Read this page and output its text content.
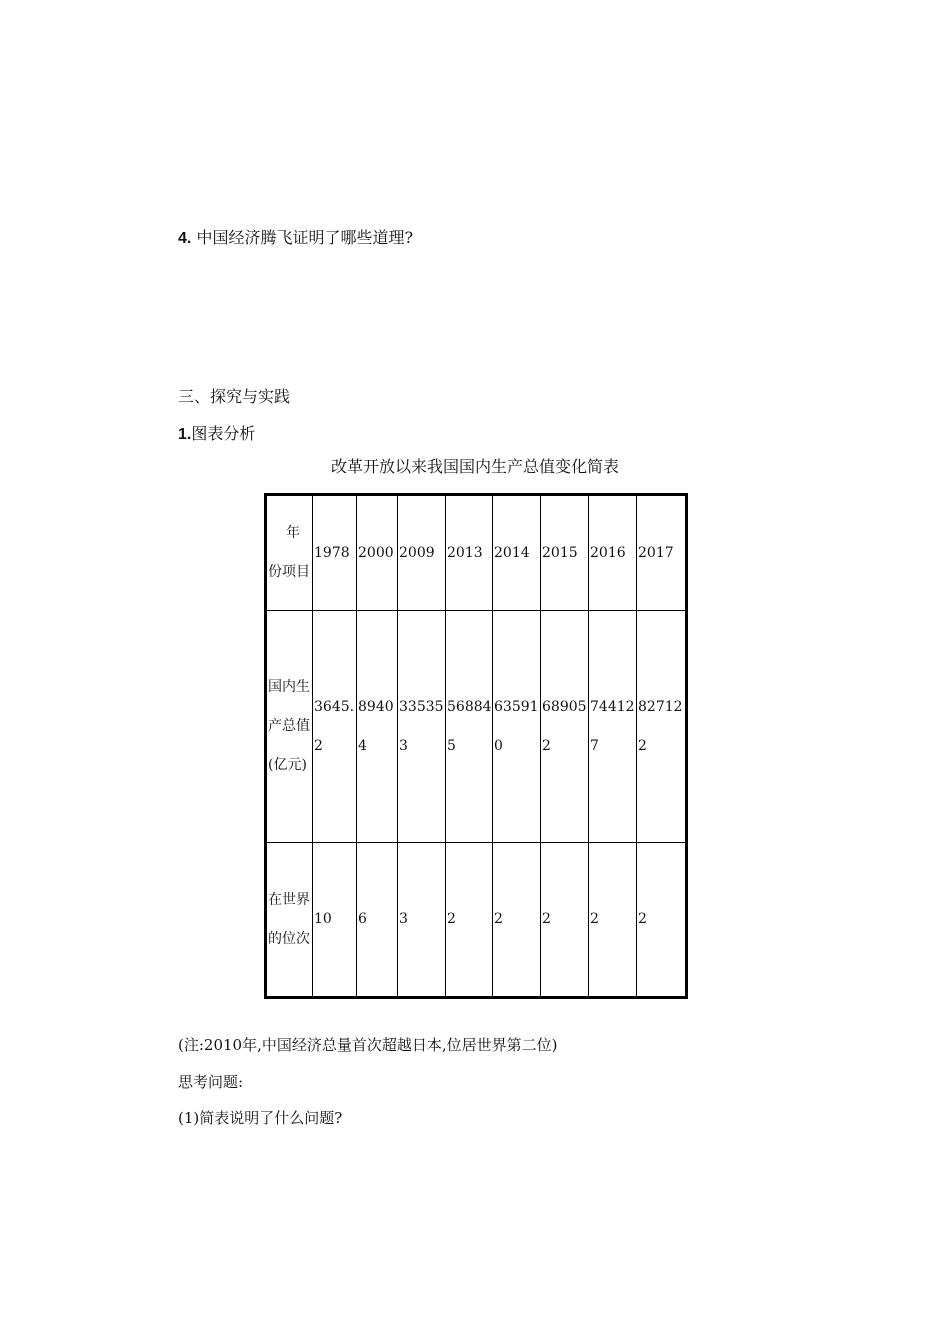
4. 中国经济腾飞证明了哪些道理?
三、探究与实践
1.图表分析
改革开放以来我国国内生产总值变化简表
年
份项目	1978	2000	2009	2013	2014	2015	2016	2017
国内生产总值(亿元)	3645.2	89404	335353	568845	635910	689052	744127	827122
在世界的位次	10	6	3	2	2	2	2	2
(注:2010年,中国经济总量首次超越日本,位居世界第二位)
思考问题:
(1)简表说明了什么问题?
